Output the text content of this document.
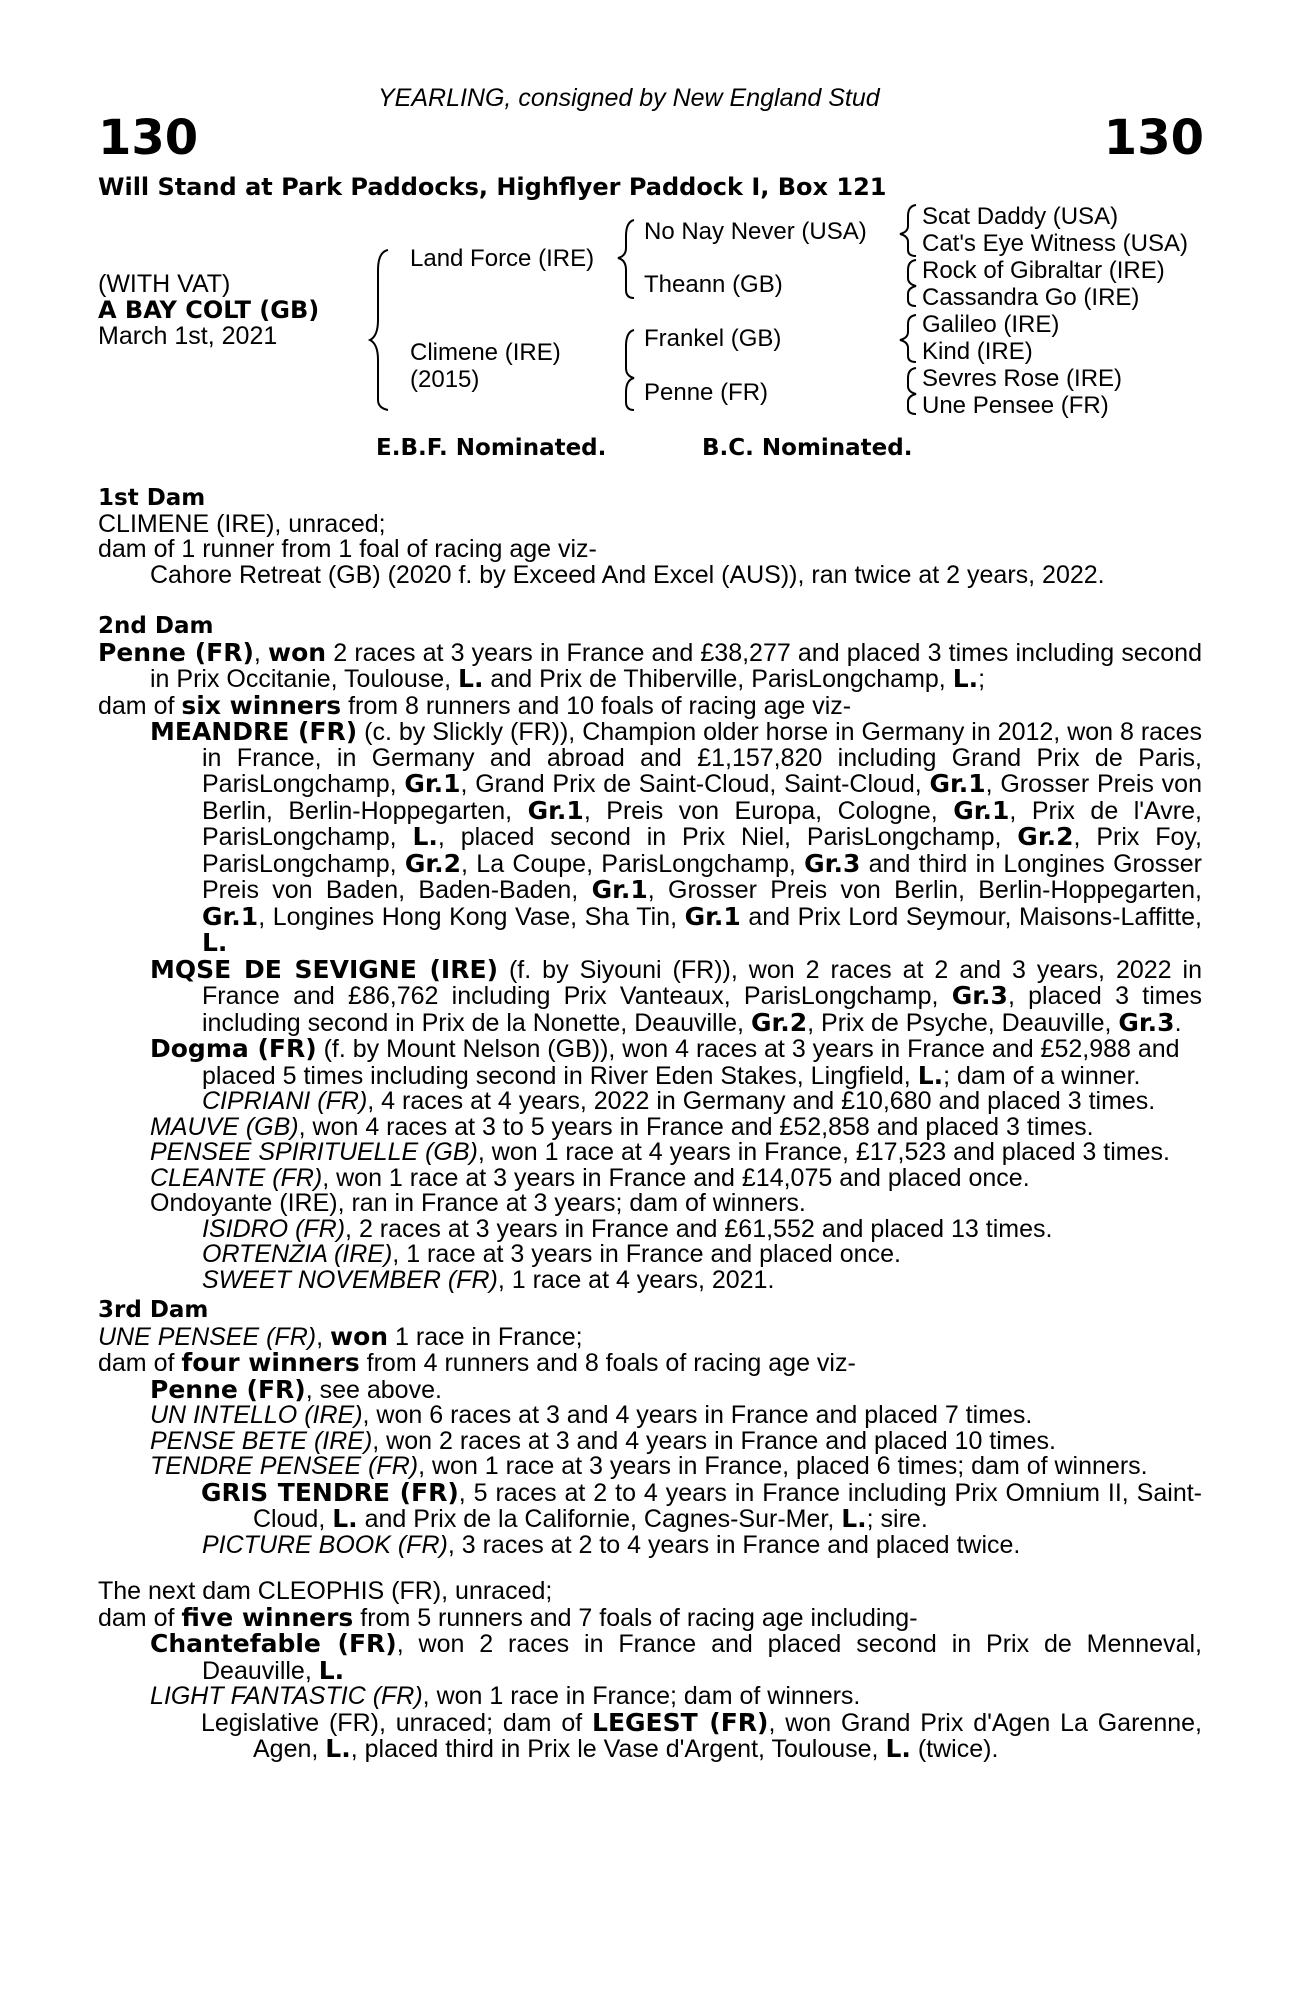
YEARLING, consigned by New England Stud
130	130
Will Stand at Park Paddocks, Highflyer Paddock I, Box 121
(WITH VAT)
A BAY COLT (GB)
March 1st, 2021
Land Force (IRE)
Climene (IRE)
(2015)
No Nay Never (USA)
Theann (GB)
Frankel (GB)
Penne (FR)
Scat Daddy (USA)
Cat's Eye Witness (USA)
Rock of Gibraltar (IRE)
Cassandra Go (IRE)
Galileo (IRE)
Kind (IRE)
Sevres Rose (IRE)
Une Pensee (FR)
E.B.F. Nominated.	B.C. Nominated.

1st Dam

CLIMENE (IRE), unraced;

dam of 1 runner from 1 foal of racing age viz-

Cahore Retreat (GB) (2020 f. by Exceed And Excel (AUS)), ran twice at 2 years, 2022.

2nd Dam

Penne (FR), won 2 races at 3 years in France and £38,277 and placed 3 times including second in Prix Occitanie, Toulouse, L. and Prix de Thiberville, ParisLongchamp, L.;

dam of six winners from 8 runners and 10 foals of racing age viz-

MEANDRE (FR) (c. by Slickly (FR)), Champion older horse in Germany in 2012, won 8 races in France, in Germany and abroad and £1,157,820 including Grand Prix de Paris, ParisLongchamp, Gr.1, Grand Prix de Saint-Cloud, Saint-Cloud, Gr.1, Grosser Preis von Berlin, Berlin-Hoppegarten, Gr.1, Preis von Europa, Cologne, Gr.1, Prix de l'Avre, ParisLongchamp, L., placed second in Prix Niel, ParisLongchamp, Gr.2, Prix Foy, ParisLongchamp, Gr.2, La Coupe, ParisLongchamp, Gr.3 and third in Longines Grosser Preis von Baden, Baden-Baden, Gr.1, Grosser Preis von Berlin, Berlin-Hoppegarten, Gr.1, Longines Hong Kong Vase, Sha Tin, Gr.1 and Prix Lord Seymour, Maisons-Laffitte, L.

MQSE DE SEVIGNE (IRE) (f. by Siyouni (FR)), won 2 races at 2 and 3 years, 2022 in France and £86,762 including Prix Vanteaux, ParisLongchamp, Gr.3, placed 3 times including second in Prix de la Nonette, Deauville, Gr.2, Prix de Psyche, Deauville, Gr.3.

Dogma (FR) (f. by Mount Nelson (GB)), won 4 races at 3 years in France and £52,988 and placed 5 times including second in River Eden Stakes, Lingfield, L.; dam of a winner.

CIPRIANI (FR), 4 races at 4 years, 2022 in Germany and £10,680 and placed 3 times.

MAUVE (GB), won 4 races at 3 to 5 years in France and £52,858 and placed 3 times.

PENSEE SPIRITUELLE (GB), won 1 race at 4 years in France, £17,523 and placed 3 times.

CLEANTE (FR), won 1 race at 3 years in France and £14,075 and placed once.

Ondoyante (IRE), ran in France at 3 years; dam of winners.

ISIDRO (FR), 2 races at 3 years in France and £61,552 and placed 13 times.

ORTENZIA (IRE), 1 race at 3 years in France and placed once.

SWEET NOVEMBER (FR), 1 race at 4 years, 2021.

3rd Dam

UNE PENSEE (FR), won 1 race in France;

dam of four winners from 4 runners and 8 foals of racing age viz-

Penne (FR), see above.

UN INTELLO (IRE), won 6 races at 3 and 4 years in France and placed 7 times.

PENSE BETE (IRE), won 2 races at 3 and 4 years in France and placed 10 times.

TENDRE PENSEE (FR), won 1 race at 3 years in France, placed 6 times; dam of winners.

GRIS TENDRE (FR), 5 races at 2 to 4 years in France including Prix Omnium II, Saint-Cloud, L. and Prix de la Californie, Cagnes-Sur-Mer, L.; sire.

PICTURE BOOK (FR), 3 races at 2 to 4 years in France and placed twice.

The next dam CLEOPHIS (FR), unraced;

dam of five winners from 5 runners and 7 foals of racing age including-

Chantefable (FR), won 2 races in France and placed second in Prix de Menneval, Deauville, L.

LIGHT FANTASTIC (FR), won 1 race in France; dam of winners.

Legislative (FR), unraced; dam of LEGEST (FR), won Grand Prix d'Agen La Garenne, Agen, L., placed third in Prix le Vase d'Argent, Toulouse, L. (twice).
